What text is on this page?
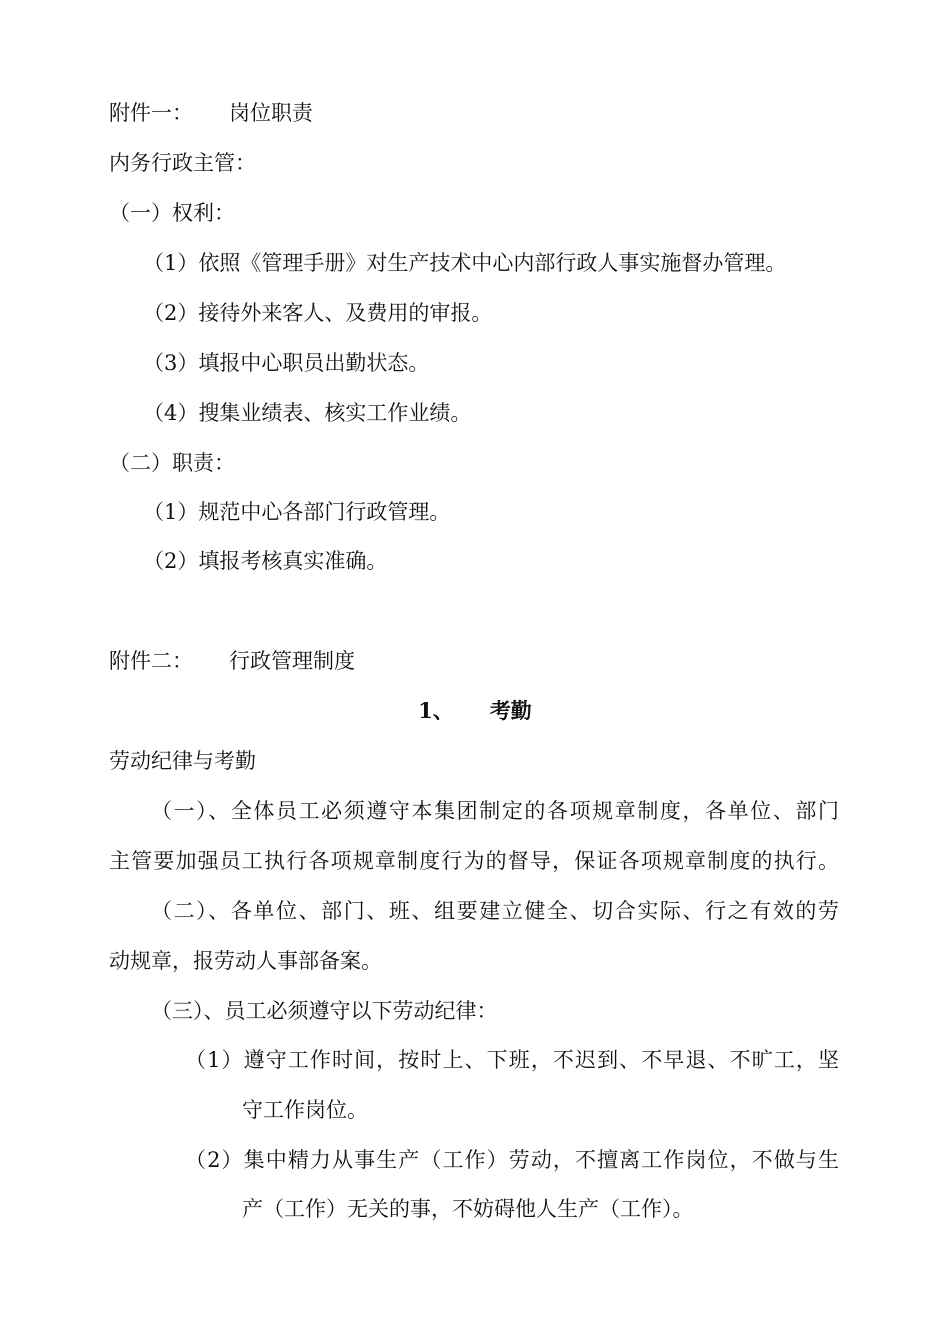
附件一： 岗位职责
内务行政主管：
（一）权利：
（1）依照《管理手册》对生产技术中心内部行政人事实施督办管理。
（2）接待外来客人、及费用的审报。
（3）填报中心职员出勤状态。
（4）搜集业绩表、核实工作业绩。
（二）职责：
（1）规范中心各部门行政管理。
（2）填报考核真实准确。
附件二： 行政管理制度
1、 考勤
劳动纪律与考勤
（一）、全体员工必须遵守本集团制定的各项规章制度，各单位、部门
主管要加强员工执行各项规章制度行为的督导，保证各项规章制度的执行。
（二）、各单位、部门、班、组要建立健全、切合实际、行之有效的劳
动规章，报劳动人事部备案。
（三）、员工必须遵守以下劳动纪律：
（1）遵守工作时间，按时上、下班，不迟到、不早退、不旷工，坚
守工作岗位。
（2）集中精力从事生产（工作）劳动，不擅离工作岗位，不做与生
产（工作）无关的事，不妨碍他人生产（工作）。
